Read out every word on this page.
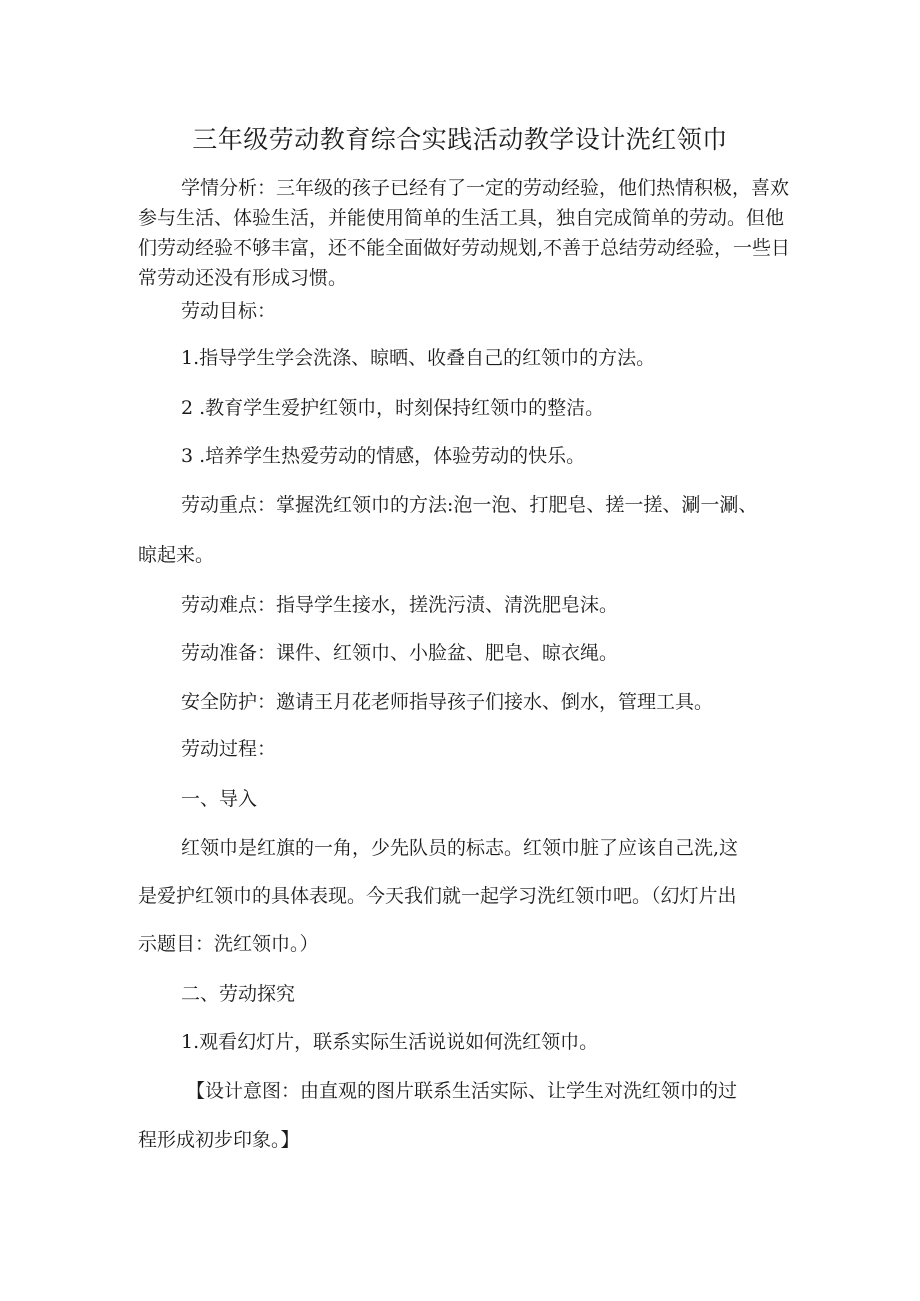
三年级劳动教育综合实践活动教学设计洗红领巾

学情分析：三年级的孩子已经有了一定的劳动经验，他们热情积极，喜欢参与生活、体验生活，并能使用简单的生活工具，独自完成简单的劳动。但他们劳动经验不够丰富，还不能全面做好劳动规划,不善于总结劳动经验，一些日常劳动还没有形成习惯。

劳动目标：

1.指导学生学会洗涤、晾晒、收叠自己的红领巾的方法。

2 .教育学生爱护红领巾，时刻保持红领巾的整洁。

3 .培养学生热爱劳动的情感，体验劳动的快乐。

劳动重点：掌握洗红领巾的方法:泡一泡、打肥皂、搓一搓、涮一涮、

晾起来。

劳动难点：指导学生接水，搓洗污渍、清洗肥皂沫。

劳动准备：课件、红领巾、小脸盆、肥皂、晾衣绳。

安全防护：邀请王月花老师指导孩子们接水、倒水，管理工具。

劳动过程：

一、导入

红领巾是红旗的一角，少先队员的标志。红领巾脏了应该自己洗,这

是爱护红领巾的具体表现。今天我们就一起学习洗红领巾吧。（幻灯片出

示题目：洗红领巾。）

二、劳动探究

1.观看幻灯片，联系实际生活说说如何洗红领巾。

【设计意图：由直观的图片联系生活实际、让学生对洗红领巾的过

程形成初步印象。】
